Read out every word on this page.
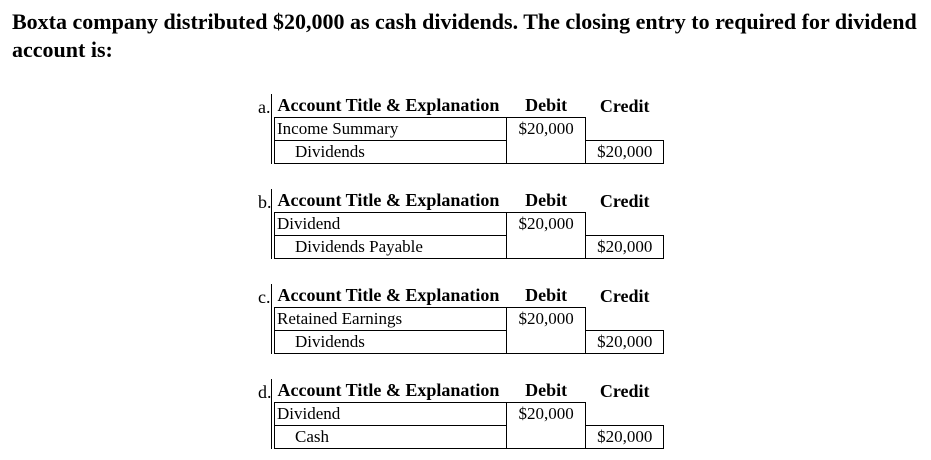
Boxta company distributed $20,000 as cash dividends. The closing entry to required for dividend account is:
a. Account Title & Explanation	Debit	Credit
Income Summary	$20,000	
Dividends		$20,000
b. Account Title & Explanation	Debit	Credit
Dividend	$20,000	
Dividends Payable		$20,000
c. Account Title & Explanation	Debit	Credit
Retained Earnings	$20,000	
Dividends		$20,000
d. Account Title & Explanation	Debit	Credit
Dividend	$20,000	
Cash		$20,000
